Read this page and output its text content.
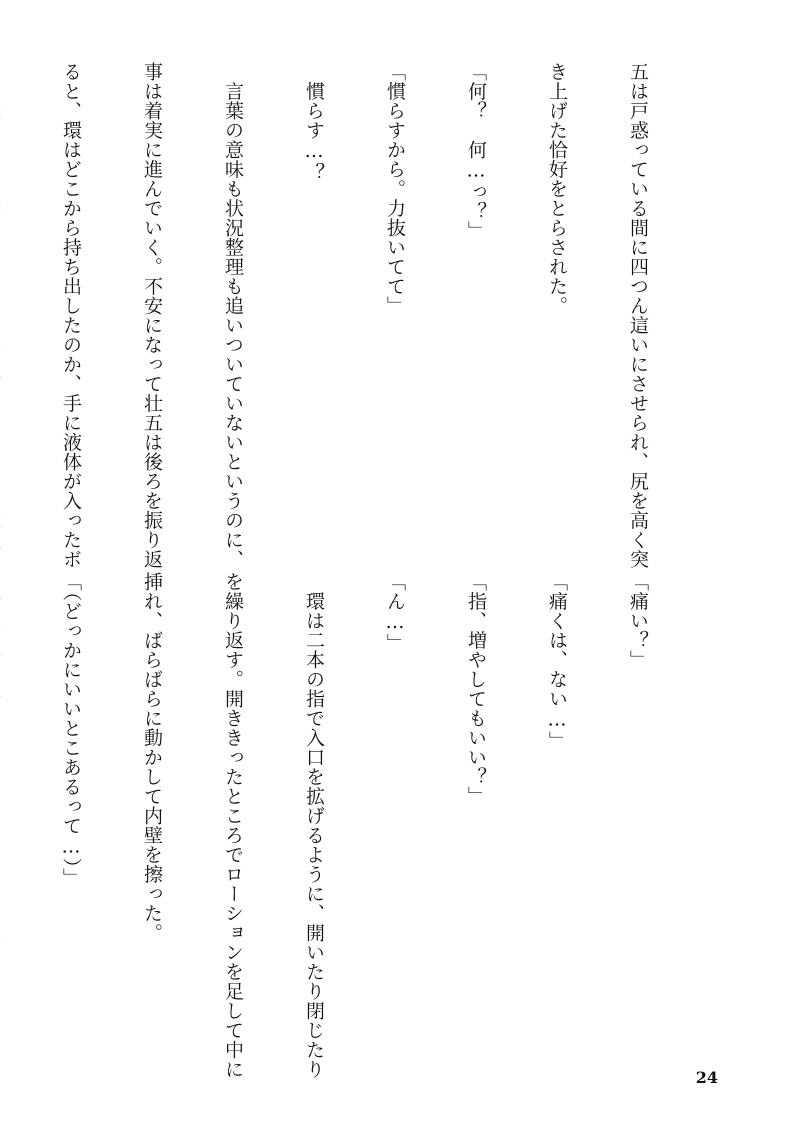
五は戸惑っている間に四つん這いにさせられ、尻を高く突

き上げた恰好をとらされた。

「何？　何…っ？」

「慣らすから。力抜いてて」

　慣らす…？

　言葉の意味も状況整理も追いついていないというのに、

事は着実に進んでいく。不安になって壮五は後ろを振り返

ると、環はどこから持ち出したのか、手に液体が入ったボ

「痛い？」

「痛くは、ない…」

「指、増やしてもいい？」

「ん…」

　環は二本の指で入口を拡げるように、開いたり閉じたり

を繰り返す。開ききったところでローションを足して中に

挿れ、ばらばらに動かして内壁を擦った。

「（どっかにいいとこあるって…）」

24
